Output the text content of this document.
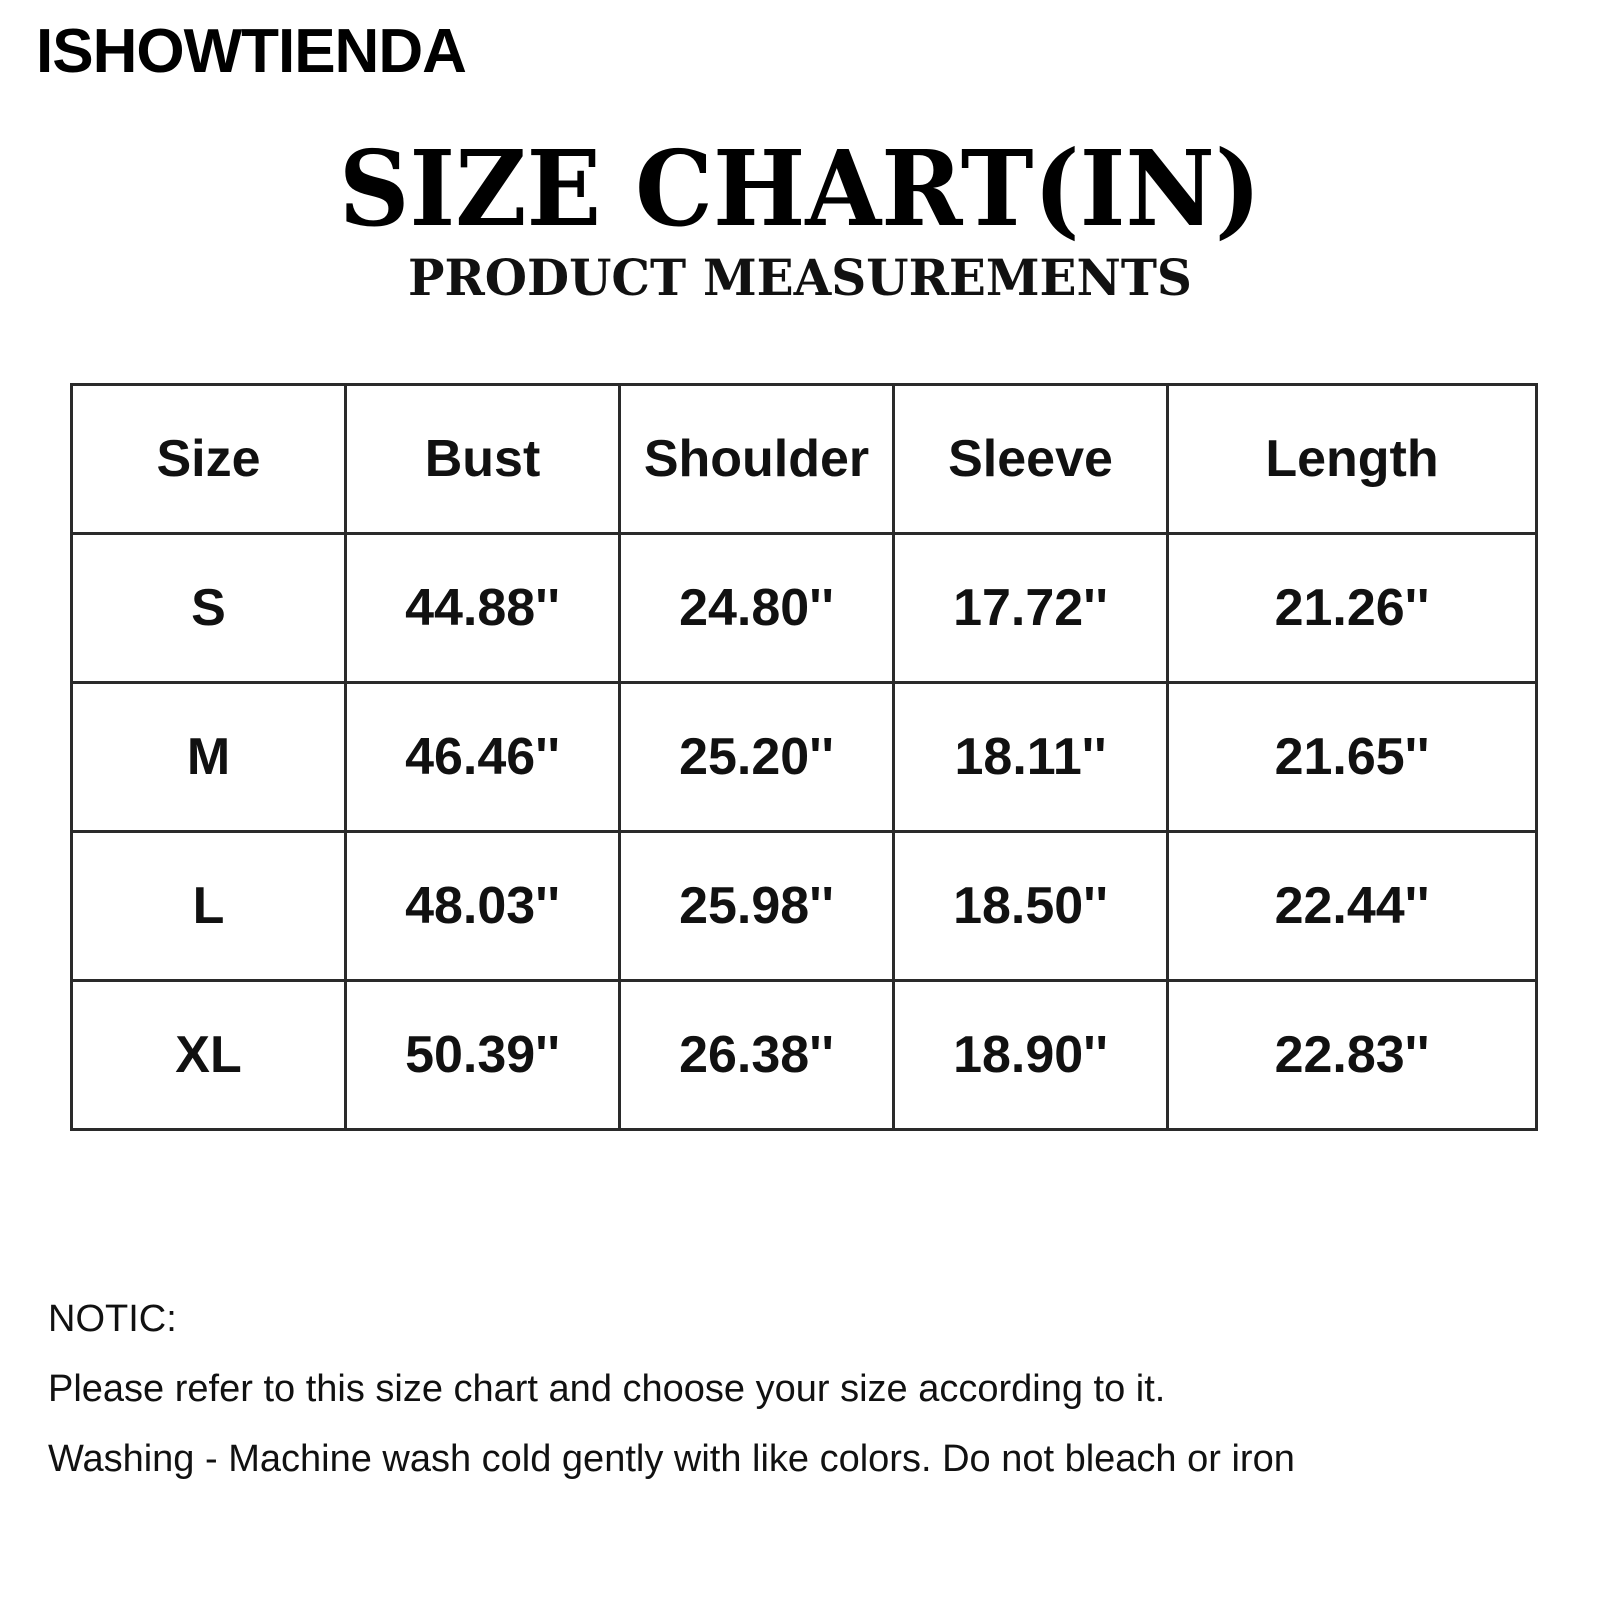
ISHOWTIENDA
SIZE CHART(IN)
PRODUCT MEASUREMENTS
Size	Bust	Shoulder	Sleeve	Length
S	44.88''	24.80''	17.72''	21.26''
M	46.46''	25.20''	18.11''	21.65''
L	48.03''	25.98''	18.50''	22.44''
XL	50.39''	26.38''	18.90''	22.83''

NOTIC:

Please refer to this size chart and choose your size according to it.

Washing - Machine wash cold gently with like colors. Do not bleach or iron
